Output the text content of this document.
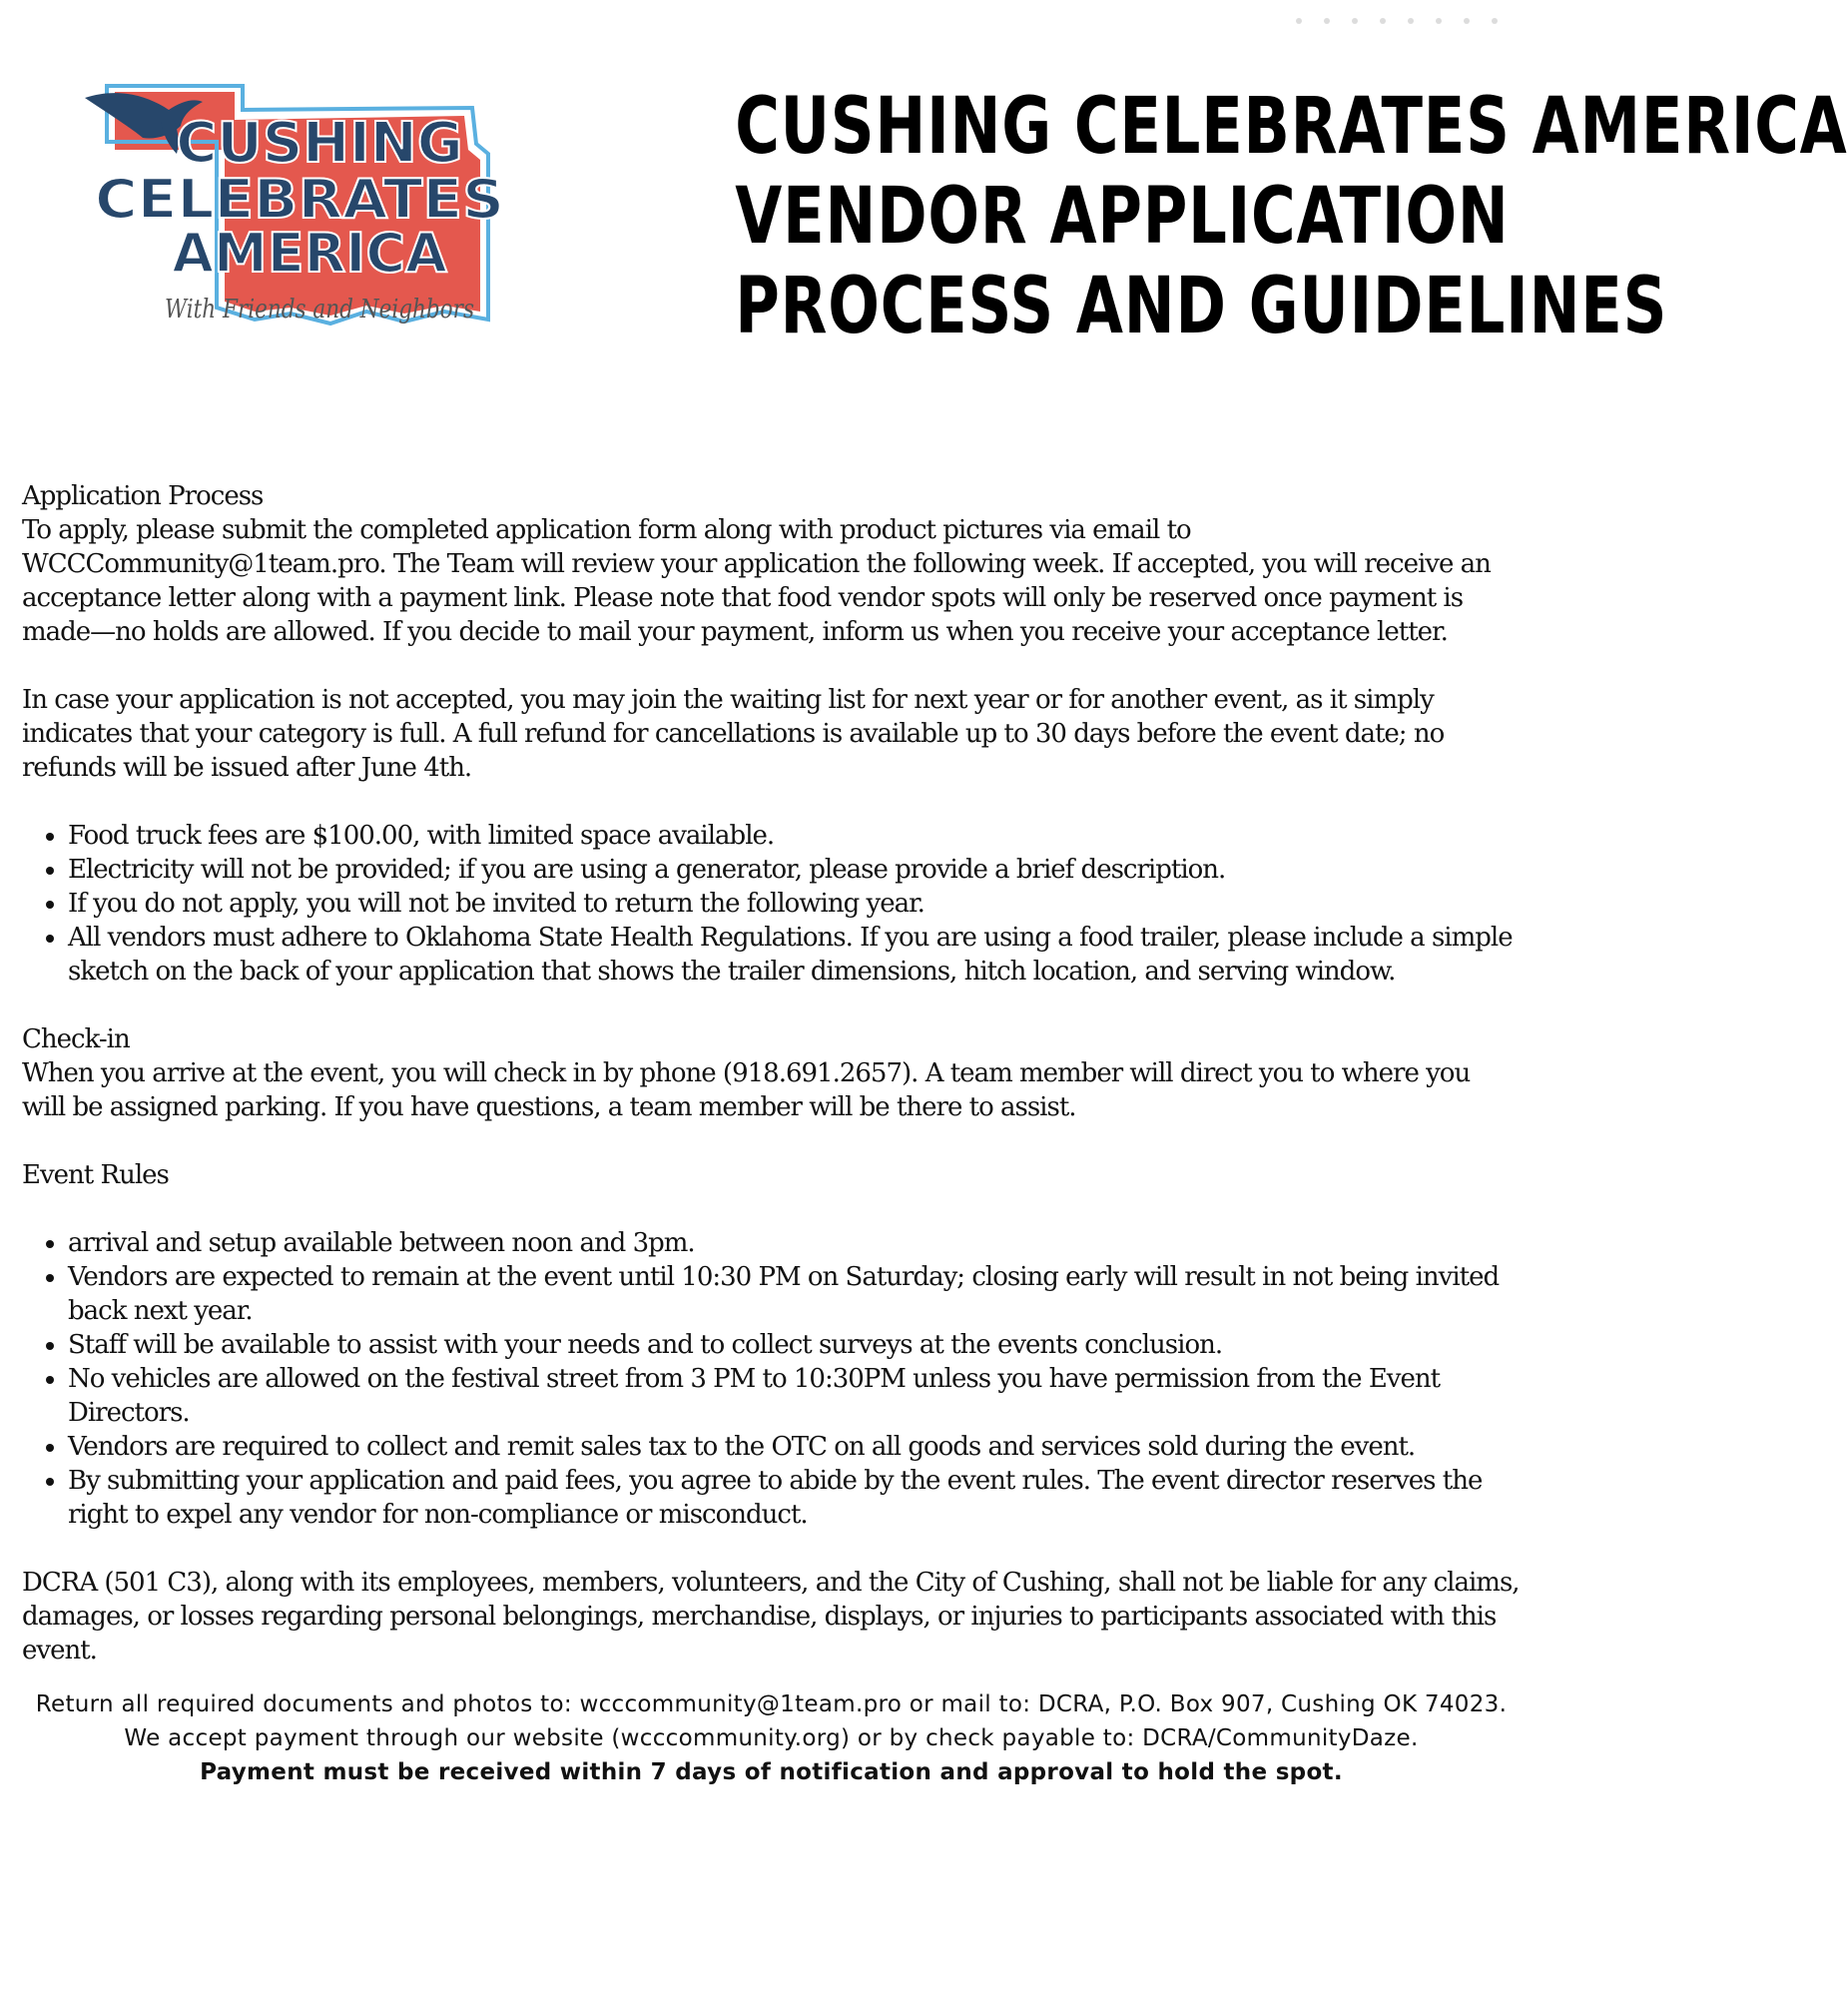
CUSHING
CELEBRATES
AMERICA
With Friends and Neighbors
CUSHING CELEBRATES AMERICA
VENDOR APPLICATION
PROCESS AND GUIDELINES
Application Process

To apply, please submit the completed application form along with product pictures via email to WCCCommunity@1team.pro. The Team will review your application the following week. If accepted, you will receive an acceptance letter along with a payment link. Please note that food vendor spots will only be reserved once payment is made—no holds are allowed. If you decide to mail your payment, inform us when you receive your acceptance letter.

In case your application is not accepted, you may join the waiting list for next year or for another event, as it simply indicates that your category is full. A full refund for cancellations is available up to 30 days before the event date; no refunds will be issued after June 4th.

• Food truck fees are $100.00, with limited space available.
• Electricity will not be provided; if you are using a generator, please provide a brief description.
• If you do not apply, you will not be invited to return the following year.
• All vendors must adhere to Oklahoma State Health Regulations. If you are using a food trailer, please include a simple sketch on the back of your application that shows the trailer dimensions, hitch location, and serving window.
Check-in

When you arrive at the event, you will check in by phone (918.691.2657). A team member will direct you to where you will be assigned parking. If you have questions, a team member will be there to assist.

Event Rules
• arrival and setup available between noon and 3pm.
• Vendors are expected to remain at the event until 10:30 PM on Saturday; closing early will result in not being invited back next year.
• Staff will be available to assist with your needs and to collect surveys at the events conclusion.
• No vehicles are allowed on the festival street from 3 PM to 10:30PM unless you have permission from the Event Directors.
• Vendors are required to collect and remit sales tax to the OTC on all goods and services sold during the event.
• By submitting your application and paid fees, you agree to abide by the event rules. The event director reserves the right to expel any vendor for non-compliance or misconduct.

DCRA (501 C3), along with its employees, members, volunteers, and the City of Cushing, shall not be liable for any claims, damages, or losses regarding personal belongings, merchandise, displays, or injuries to participants associated with this event.

Return all required documents and photos to: wcccommunity@1team.pro or mail to: DCRA, P.O. Box 907, Cushing OK 74023.
We accept payment through our website (wcccommunity.org) or by check payable to: DCRA/CommunityDaze.
Payment must be received within 7 days of notification and approval to hold the spot.
